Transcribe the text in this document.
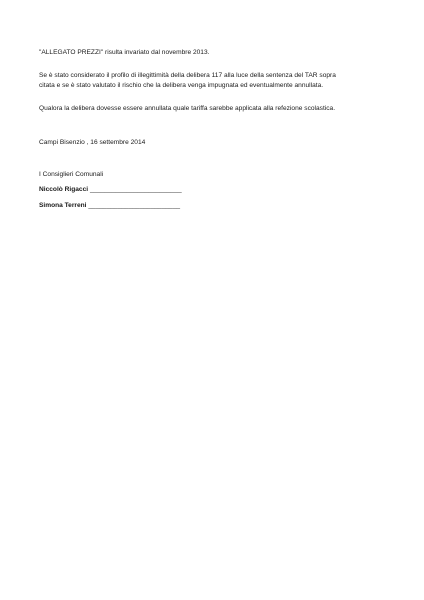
"ALLEGATO PREZZI" risulta invariato dal novembre 2013.

Se è stato considerato il profilo di illegittimità della delibera 117 alla luce della sentenza del TAR sopra
citata e se è stato valutato il rischio che la delibera venga impugnata ed eventualmente annullata.

Qualora la delibera dovesse essere annullata quale tariffa sarebbe applicata alla refezione scolastica.

Campi Bisenzio , 16 settembre 2014

I Consiglieri Comunali

Niccolò Rigacci _________________________

Simona Terreni _________________________
